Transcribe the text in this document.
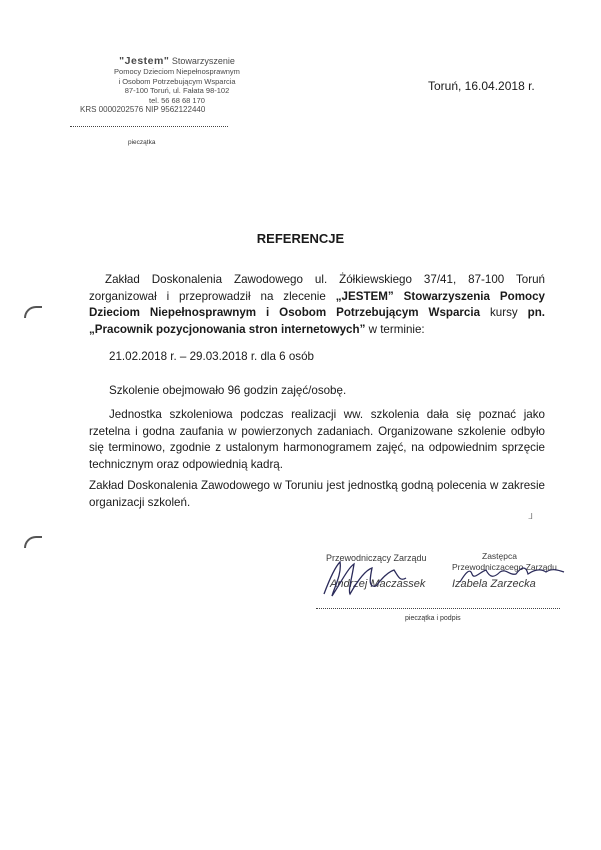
"Jestem" Stowarzyszenie
Pomocy Dzieciom Niepełnosprawnym
i Osobom Potrzebującym Wsparcia
87-100 Toruń, ul. Fałata 98-102
tel. 56 68 68 170
KRS 0000202576 NIP 9562122440
pieczątka
Toruń, 16.04.2018 r.
REFERENCJE
Zakład Doskonalenia Zawodowego ul. Żółkiewskiego 37/41, 87-100 Toruń zorganizował i przeprowadził na zlecenie „JESTEM” Stowarzyszenia Pomocy Dzieciom Niepełnosprawnym i Osobom Potrzebującym Wsparcia kursy pn. „Pracownik pozycjonowania stron internetowych” w terminie:
21.02.2018 r. – 29.03.2018 r. dla 6 osób
Szkolenie obejmowało 96 godzin zajęć/osobę.
Jednostka szkoleniowa podczas realizacji ww. szkolenia dała się poznać jako rzetelna i godna zaufania w powierzonych zadaniach. Organizowane szkolenie odbyło się terminowo, zgodnie z ustalonym harmonogramem zajęć, na odpowiednim sprzęcie technicznym oraz odpowiednią kadrą.
Zakład Doskonalenia Zawodowego w Toruniu jest jednostką godną polecenia w zakresie organizacji szkoleń.
ᒧ
Przewodniczący Zarządu
Andrzej Maczassek
Zastępca
Przewodniczącego Zarządu
Izabela Zarzecka
pieczątka i podpis
